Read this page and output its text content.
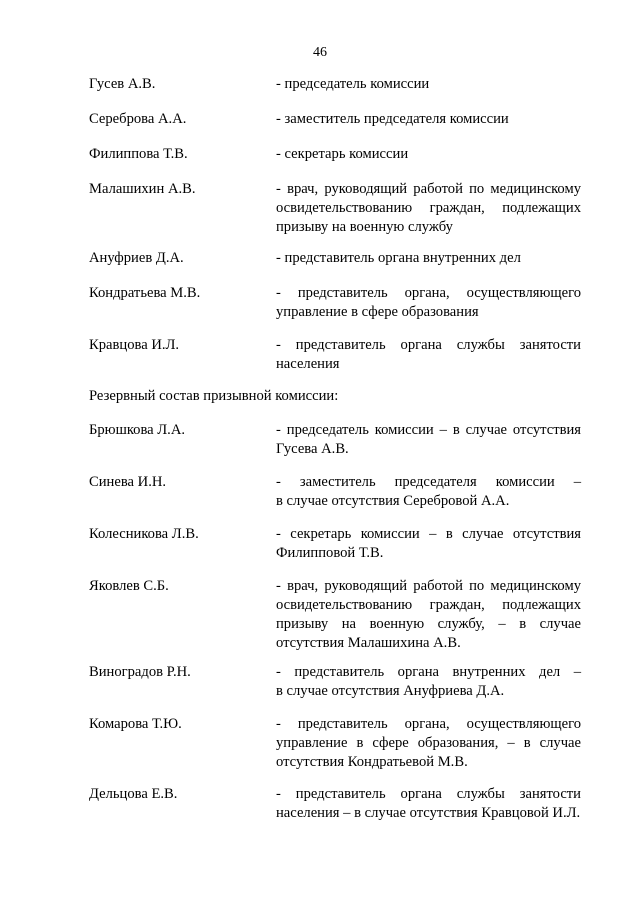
46
Гусев А.В.	- председатель комиссии
Сереброва А.А.	- заместитель председателя комиссии
Филиппова Т.В.	- секретарь комиссии
Малашихин А.В.	- врач, руководящий работой по медицинскому освидетельствованию граждан, подлежащих призыву на военную службу
Ануфриев Д.А.	- представитель органа внутренних дел
Кондратьева М.В.	- представитель органа, осуществляющего управление в сфере образования
Кравцова И.Л.	- представитель органа службы занятости населения
Резервный состав призывной комиссии:
Брюшкова Л.А.	- председатель комиссии – в случае отсутствия Гусева А.В.
Синева И.Н.	- заместитель председателя комиссии –
в случае отсутствия Серебровой А.А.
Колесникова Л.В.	- секретарь комиссии – в случае отсутствия Филипповой Т.В.
Яковлев С.Б.	- врач, руководящий работой по медицинскому освидетельствованию граждан, подлежащих призыву на военную службу, – в случае отсутствия Малашихина А.В.
Виноградов Р.Н.	- представитель органа внутренних дел –
в случае отсутствия Ануфриева Д.А.
Комарова Т.Ю.	- представитель органа, осуществляющего управление в сфере образования, – в случае отсутствия Кондратьевой М.В.
Дельцова Е.В.	- представитель органа службы занятости населения – в случае отсутствия Кравцовой И.Л.
